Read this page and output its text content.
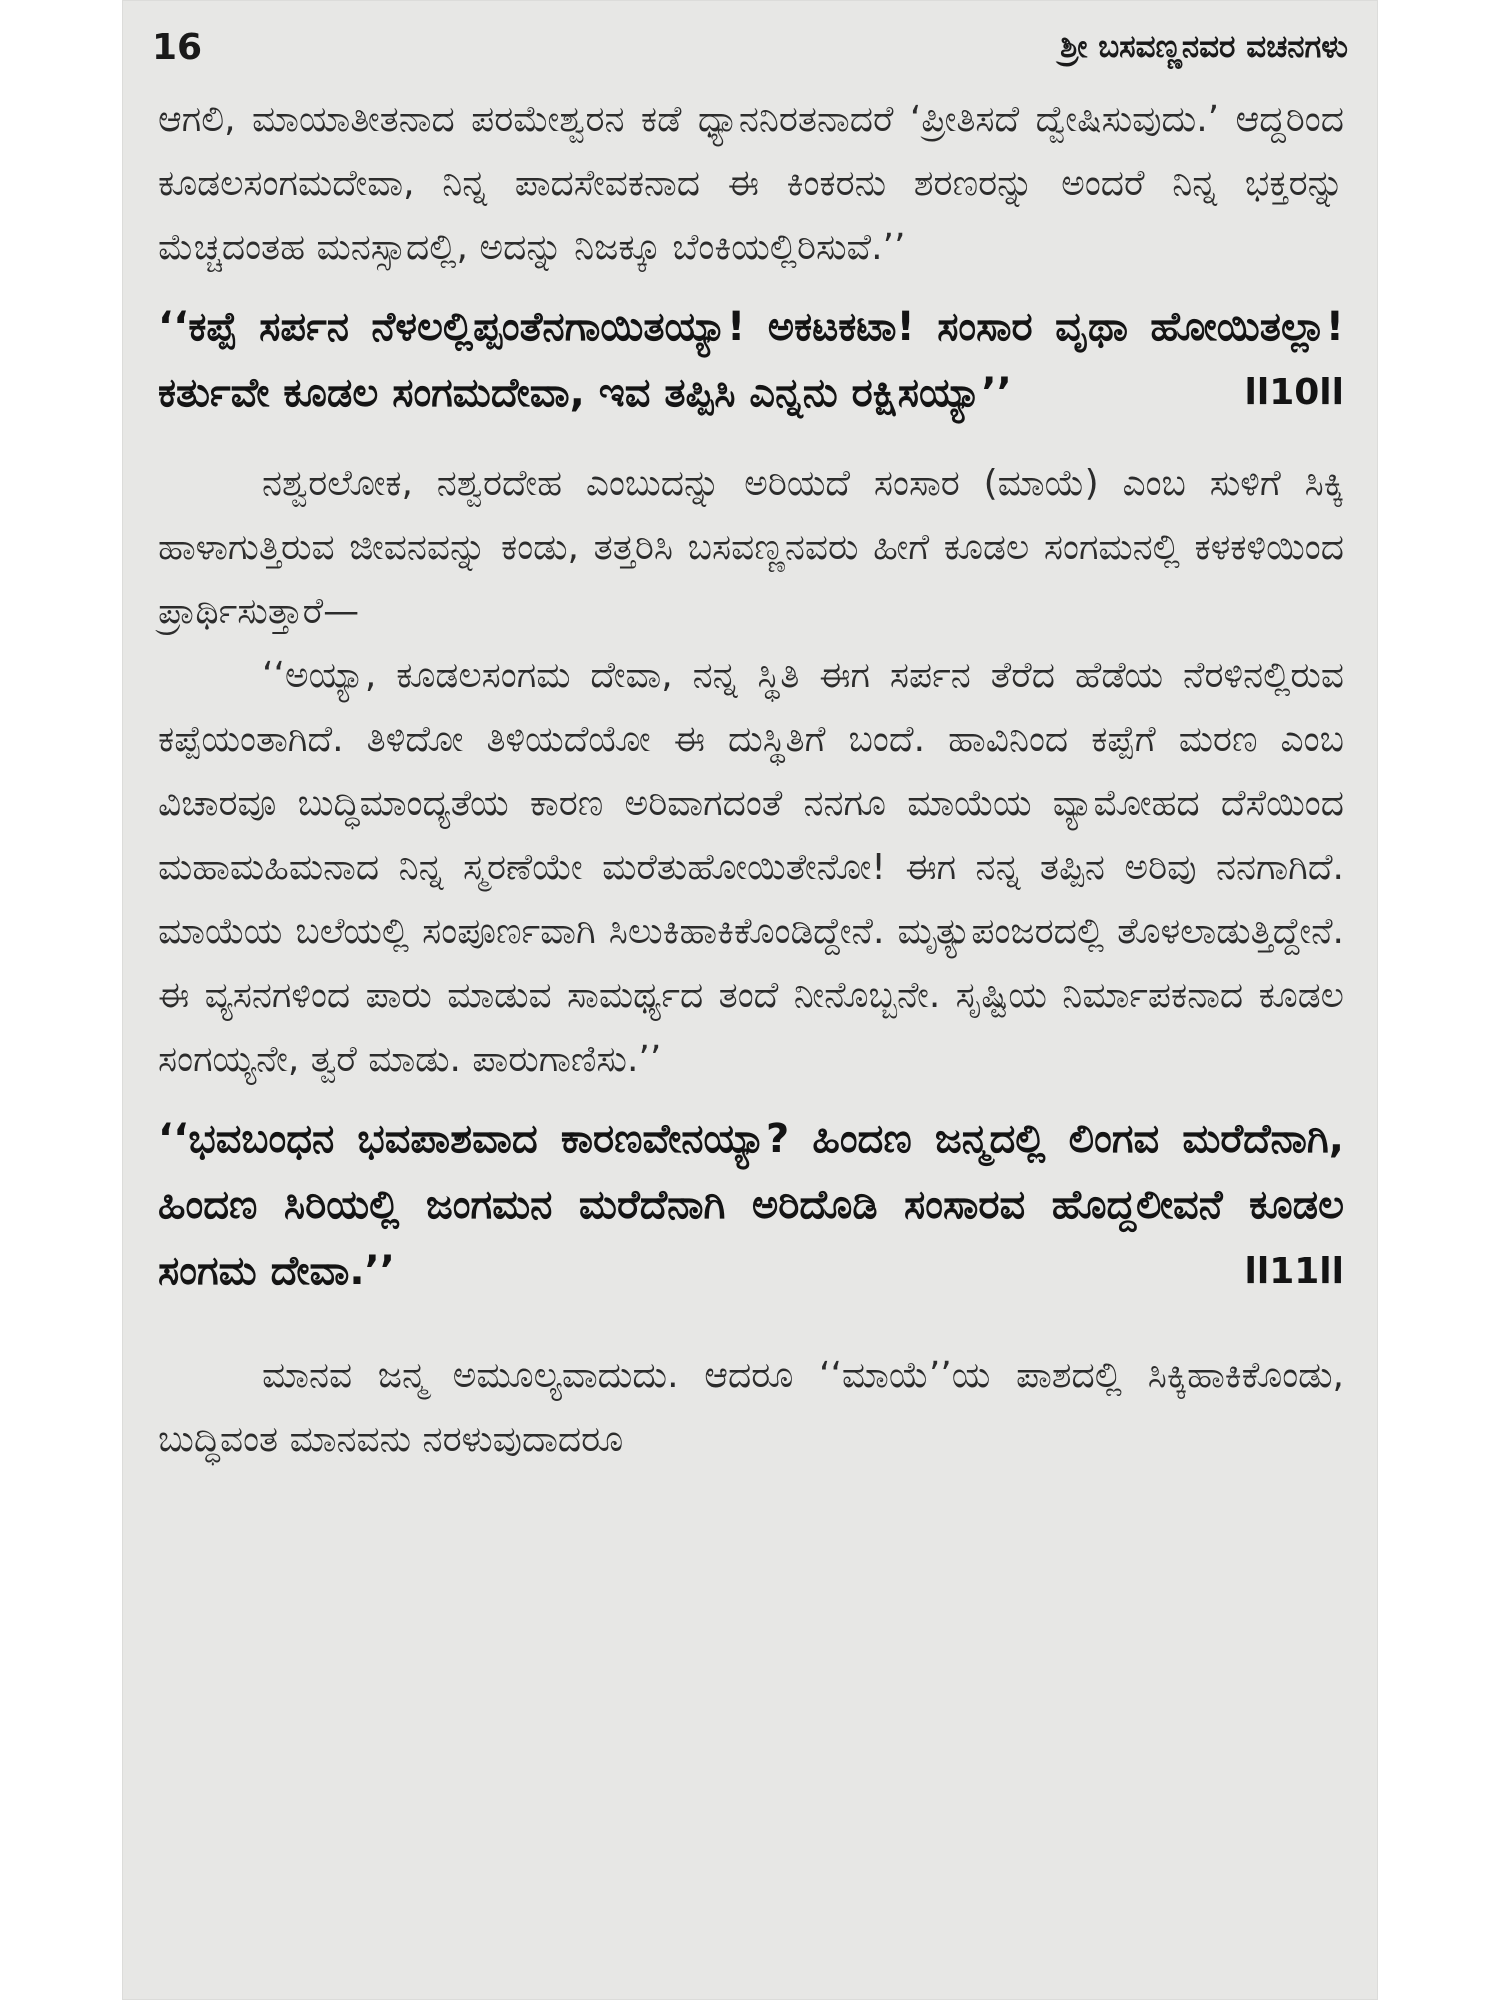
16	ಶ್ರೀ ಬಸವಣ್ಣನವರ ವಚನಗಳು

ಆಗಲಿ, ಮಾಯಾತೀತನಾದ ಪರಮೇಶ್ವರನ ಕಡೆ ಧ್ಯಾನನಿರತನಾದರೆ ‘ಪ್ರೀತಿಸದೆ ದ್ವೇಷಿಸುವುದು.’ ಆದ್ದರಿಂದ ಕೂಡಲಸಂಗಮದೇವಾ, ನಿನ್ನ ಪಾದಸೇವಕನಾದ ಈ ಕಿಂಕರನು ಶರಣರನ್ನು ಅಂದರೆ ನಿನ್ನ ಭಕ್ತರನ್ನು ಮೆಚ್ಚದಂತಹ ಮನಸ್ಸಾದಲ್ಲಿ, ಅದನ್ನು ನಿಜಕ್ಕೂ ಬೆಂಕಿಯಲ್ಲಿರಿಸುವೆ.’’

‘‘ಕಪ್ಪೆ ಸರ್ಪನ ನೆಳಲಲ್ಲಿಪ್ಪಂತೆನಗಾಯಿತಯ್ಯಾ! ಅಕಟಕಟಾ! ಸಂಸಾರ ವೃಥಾ ಹೋಯಿತಲ್ಲಾ! ಕರ್ತುವೇ ಕೂಡಲ ಸಂಗಮದೇವಾ, ಇವ ತಪ್ಪಿಸಿ ಎನ್ನನು ರಕ್ಷಿಸಯ್ಯಾ’’	ll10ll

ನಶ್ವರಲೋಕ, ನಶ್ವರದೇಹ ಎಂಬುದನ್ನು ಅರಿಯದೆ ಸಂಸಾರ (ಮಾಯೆ) ಎಂಬ ಸುಳಿಗೆ ಸಿಕ್ಕಿ ಹಾಳಾಗುತ್ತಿರುವ ಜೀವನವನ್ನು ಕಂಡು, ತತ್ತರಿಸಿ ಬಸವಣ್ಣನವರು ಹೀಗೆ ಕೂಡಲ ಸಂಗಮನಲ್ಲಿ ಕಳಕಳಿಯಿಂದ ಪ್ರಾರ್ಥಿಸುತ್ತಾರೆ—

‘‘ಅಯ್ಯಾ, ಕೂಡಲಸಂಗಮ ದೇವಾ, ನನ್ನ ಸ್ಥಿತಿ ಈಗ ಸರ್ಪನ ತೆರೆದ ಹೆಡೆಯ ನೆರಳಿನಲ್ಲಿರುವ ಕಪ್ಪೆಯಂತಾಗಿದೆ. ತಿಳಿದೋ ತಿಳಿಯದೆಯೋ ಈ ದುಸ್ಥಿತಿಗೆ ಬಂದೆ. ಹಾವಿನಿಂದ ಕಪ್ಪೆಗೆ ಮರಣ ಎಂಬ ವಿಚಾರವೂ ಬುದ್ಧಿಮಾಂದ್ಯತೆಯ ಕಾರಣ ಅರಿವಾಗದಂತೆ ನನಗೂ ಮಾಯೆಯ ವ್ಯಾಮೋಹದ ದೆಸೆಯಿಂದ ಮಹಾಮಹಿಮನಾದ ನಿನ್ನ ಸ್ಮರಣೆಯೇ ಮರೆತುಹೋಯಿತೇನೋ! ಈಗ ನನ್ನ ತಪ್ಪಿನ ಅರಿವು ನನಗಾಗಿದೆ. ಮಾಯೆಯ ಬಲೆಯಲ್ಲಿ ಸಂಪೂರ್ಣವಾಗಿ ಸಿಲುಕಿಹಾಕಿಕೊಂಡಿದ್ದೇನೆ. ಮೃತ್ಯುಪಂಜರದಲ್ಲಿ ತೊಳಲಾಡುತ್ತಿದ್ದೇನೆ. ಈ ವ್ಯಸನಗಳಿಂದ ಪಾರು ಮಾಡುವ ಸಾಮರ್ಥ್ಯದ ತಂದೆ ನೀನೊಬ್ಬನೇ. ಸೃಷ್ಟಿಯ ನಿರ್ಮಾಪಕನಾದ ಕೂಡಲ ಸಂಗಯ್ಯನೇ, ತ್ವರೆ ಮಾಡು. ಪಾರುಗಾಣಿಸು.’’

‘‘ಭವಬಂಧನ ಭವಪಾಶವಾದ ಕಾರಣವೇನಯ್ಯಾ? ಹಿಂದಣ ಜನ್ಮದಲ್ಲಿ ಲಿಂಗವ ಮರೆದೆನಾಗಿ, ಹಿಂದಣ ಸಿರಿಯಲ್ಲಿ ಜಂಗಮನ ಮರೆದೆನಾಗಿ ಅರಿದೊಡಿ ಸಂಸಾರವ ಹೊದ್ದಲೀವನೆ ಕೂಡಲ ಸಂಗಮ ದೇವಾ.’’	ll11ll

ಮಾನವ ಜನ್ಮ ಅಮೂಲ್ಯವಾದುದು. ಆದರೂ ‘‘ಮಾಯೆ’’ಯ ಪಾಶದಲ್ಲಿ ಸಿಕ್ಕಿಹಾಕಿಕೊಂಡು, ಬುದ್ಧಿವಂತ ಮಾನವನು ನರಳುವುದಾದರೂ
